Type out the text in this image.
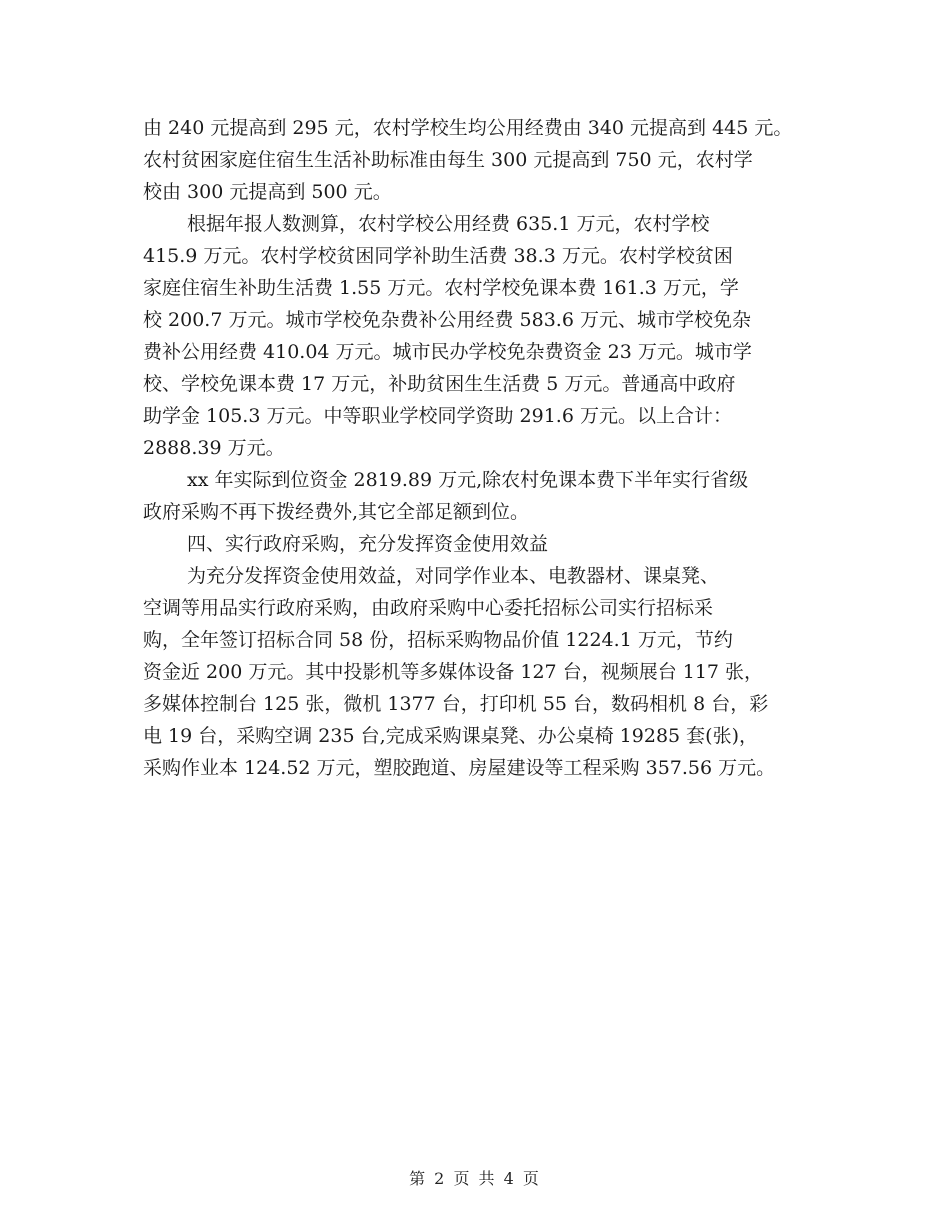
由 240 元提高到 295 元，农村学校生均公用经费由 340 元提高到 445 元。
农村贫困家庭住宿生生活补助标准由每生 300 元提高到 750 元，农村学
校由 300 元提高到 500 元。
根据年报人数测算，农村学校公用经费 635.1 万元，农村学校
415.9 万元。农村学校贫困同学补助生活费 38.3 万元。农村学校贫困
家庭住宿生补助生活费 1.55 万元。农村学校免课本费 161.3 万元，学
校 200.7 万元。城市学校免杂费补公用经费 583.6 万元、城市学校免杂
费补公用经费 410.04 万元。城市民办学校免杂费资金 23 万元。城市学
校、学校免课本费 17 万元，补助贫困生生活费 5 万元。普通高中政府
助学金 105.3 万元。中等职业学校同学资助 291.6 万元。以上合计：
2888.39 万元。
xx 年实际到位资金 2819.89 万元,除农村免课本费下半年实行省级
政府采购不再下拨经费外,其它全部足额到位。
四、实行政府采购，充分发挥资金使用效益
为充分发挥资金使用效益，对同学作业本、电教器材、课桌凳、
空调等用品实行政府采购，由政府采购中心委托招标公司实行招标采
购，全年签订招标合同 58 份，招标采购物品价值 1224.1 万元，节约
资金近 200 万元。其中投影机等多媒体设备 127 台，视频展台 117 张，
多媒体控制台 125 张，微机 1377 台，打印机 55 台，数码相机 8 台，彩
电 19 台，采购空调 235 台,完成采购课桌凳、办公桌椅 19285 套(张)，
采购作业本 124.52 万元，塑胶跑道、房屋建设等工程采购 357.56 万元。
第 2 页 共 4 页
